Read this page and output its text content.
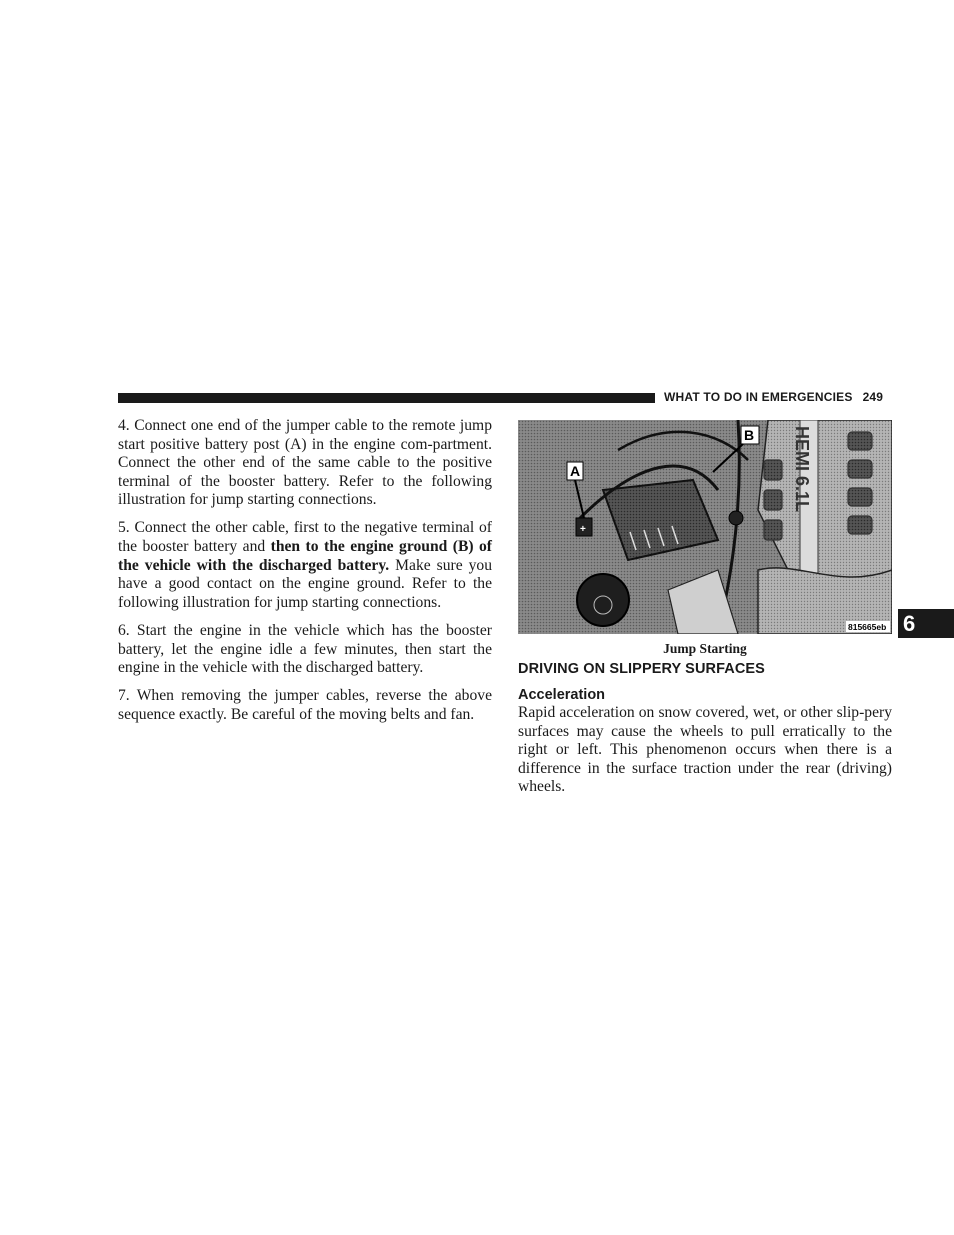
WHAT TO DO IN EMERGENCIES 249

4. Connect one end of the jumper cable to the remote jump start positive battery post (A) in the engine com-partment. Connect the other end of the same cable to the positive terminal of the booster battery. Refer to the following illustration for jump starting connections.

5. Connect the other cable, first to the negative terminal of the booster battery and then to the engine ground (B) of the vehicle with the discharged battery. Make sure you have a good contact on the engine ground. Refer to the following illustration for jump starting connections.

6. Start the engine in the vehicle which has the booster battery, let the engine idle a few minutes, then start the engine in the vehicle with the discharged battery.

7. When removing the jumper cables, reverse the above sequence exactly. Be careful of the moving belts and fan.

+
A
B HEMI 6.1L
815665eb
Jump Starting
DRIVING ON SLIPPERY SURFACES
Acceleration
Rapid acceleration on snow covered, wet, or other slip-pery surfaces may cause the wheels to pull erratically to the right or left. This phenomenon occurs when there is a difference in the surface traction under the rear (driving) wheels.
6
